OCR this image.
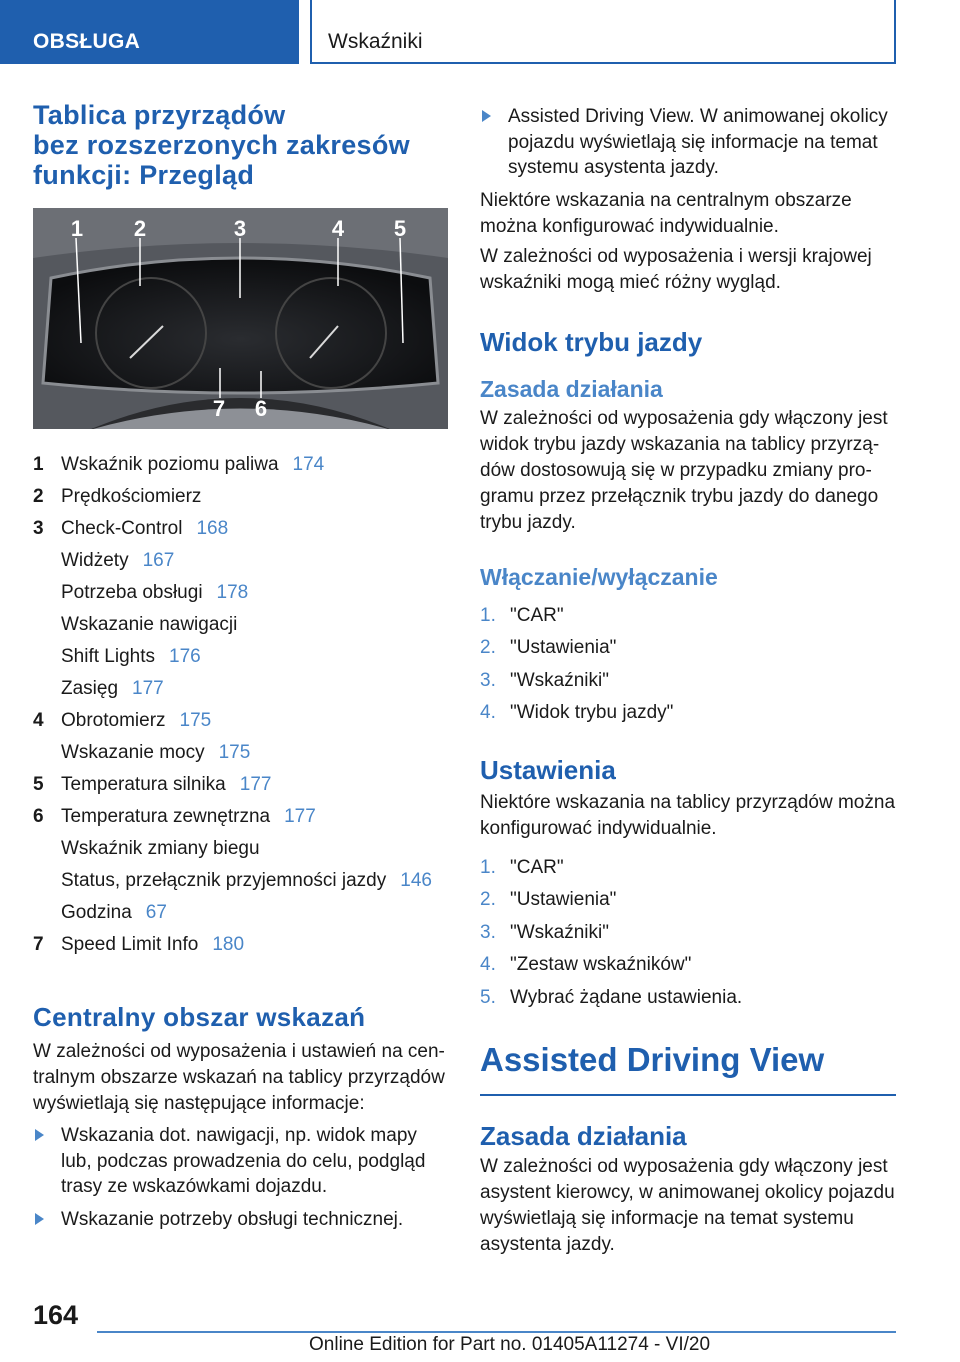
OBSŁUGA	Wskaźniki
Tablica przyrządów
bez rozszerzonych zakresów
funkcji: Przegląd
1 2	3	4 5
7 6
1 Wskaźnik poziomu paliwa 174
2 Prędkościomierz
3 Check-Control 168
Widżety 167
Potrzeba obsługi 178
Wskazanie nawigacji
Shift Lights 176
Zasięg 177
4 Obrotomierz 175
Wskazanie mocy 175
5 Temperatura silnika 177
6 Temperatura zewnętrzna 177
Wskaźnik zmiany biegu
Status, przełącznik przyjemności jazdy 146
Godzina 67
7 Speed Limit Info 180
Centralny obszar wskazań

W zależności od wyposażenia i ustawień na cen-tralnym obszarze wskazań na tablicy przyrządów wyświetlają się następujące informacje:

Wskazania dot. nawigacji, np. widok mapy lub, podczas prowadzenia do celu, podgląd trasy ze wskazówkami dojazdu.
Wskazanie potrzeby obsługi technicznej.
Assisted Driving View. W animowanej okolicy pojazdu wyświetlają się informacje na temat systemu asystenta jazdy.

Niektóre wskazania na centralnym obszarze można konfigurować indywidualnie.

W zależności od wyposażenia i wersji krajowej wskaźniki mogą mieć różny wygląd.

Widok trybu jazdy
Zasada działania

W zależności od wyposażenia gdy włączony jest widok trybu jazdy wskazania na tablicy przyrzą-dów dostosowują się w przypadku zmiany pro-gramu przez przełącznik trybu jazdy do danego trybu jazdy.

Włączanie/wyłączanie
1. "CAR"
2. "Ustawienia"
3. "Wskaźniki"
4. "Widok trybu jazdy"
Ustawienia

Niektóre wskazania na tablicy przyrządów można konfigurować indywidualnie.

1. "CAR"
2. "Ustawienia"
3. "Wskaźniki"
4. "Zestaw wskaźników"
5. Wybrać żądane ustawienia.
Assisted Driving View
Zasada działania

W zależności od wyposażenia gdy włączony jest asystent kierowcy, w animowanej okolicy pojazdu wyświetlają się informacje na temat systemu asystenta jazdy.

164
Online Edition for Part no. 01405A11274 - VI/20
